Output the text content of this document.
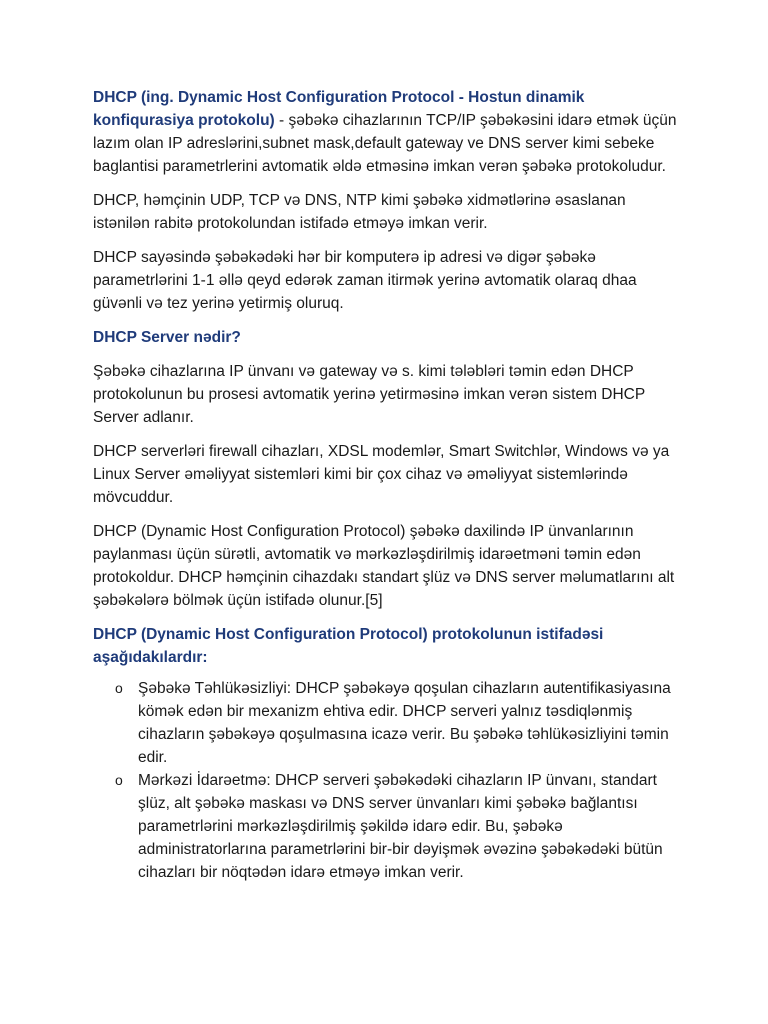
DHCP (ing. Dynamic Host Configuration Protocol - Hostun dinamik konfiqurasiya protokolu) - şəbəkə cihazlarının TCP/IP şəbəkəsini idarə etmək üçün lazım olan IP adreslərini,subnet mask,default gateway ve DNS server kimi sebeke baglantisi parametrlerini avtomatik əldə etməsinə imkan verən şəbəkə protokoludur.

DHCP, həmçinin UDP, TCP və DNS, NTP kimi şəbəkə xidmətlərinə əsaslanan istənilən rabitə protokolundan istifadə etməyə imkan verir.

DHCP sayəsində şəbəkədəki hər bir komputerə ip adresi və digər şəbəkə parametrlərini 1-1 əllə qeyd edərək zaman itirmək yerinə avtomatik olaraq dhaa güvənli və tez yerinə yetirmiş oluruq.

DHCP Server nədir?

Şəbəkə cihazlarına IP ünvanı və gateway və s. kimi tələbləri təmin edən DHCP protokolunun bu prosesi avtomatik yerinə yetirməsinə imkan verən sistem DHCP Server adlanır.

DHCP serverləri firewall cihazları, XDSL modemlər, Smart Switchlər, Windows və ya Linux Server əməliyyat sistemləri kimi bir çox cihaz və əməliyyat sistemlərində mövcuddur.

DHCP (Dynamic Host Configuration Protocol) şəbəkə daxilində IP ünvanlarının paylanması üçün sürətli, avtomatik və mərkəzləşdirilmiş idarəetməni təmin edən protokoldur. DHCP həmçinin cihazdakı standart şlüz və DNS server məlumatlarını alt şəbəkələrə bölmək üçün istifadə olunur.[5]

DHCP (Dynamic Host Configuration Protocol) protokolunun istifadəsi aşağıdakılardır:

o Şəbəkə Təhlükəsizliyi: DHCP şəbəkəyə qoşulan cihazların autentifikasiyasına kömək edən bir mexanizm ehtiva edir. DHCP serveri yalnız təsdiqlənmiş cihazların şəbəkəyə qoşulmasına icazə verir. Bu şəbəkə təhlükəsizliyini təmin edir.
o Mərkəzi İdarəetmə: DHCP serveri şəbəkədəki cihazların IP ünvanı, standart şlüz, alt şəbəkə maskası və DNS server ünvanları kimi şəbəkə bağlantısı parametrlərini mərkəzləşdirilmiş şəkildə idarə edir. Bu, şəbəkə administratorlarına parametrlərini bir-bir dəyişmək əvəzinə şəbəkədəki bütün cihazları bir nöqtədən idarə etməyə imkan verir.
